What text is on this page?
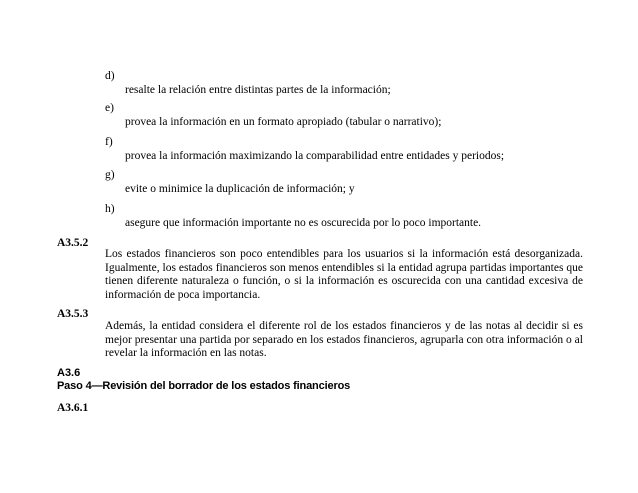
d)
resalte la relación entre distintas partes de la información;
e)
provea la información en un formato apropiado (tabular o narrativo);
f)
provea la información maximizando la comparabilidad entre entidades y periodos;
g)
evite o minimice la duplicación de información; y
h)
asegure que información importante no es oscurecida por lo poco importante.
A3.5.2
Los estados financieros son poco entendibles para los usuarios si la información está desorganizada. Igualmente, los estados financieros son menos entendibles si la entidad agrupa partidas importantes que tienen diferente naturaleza o función, o si la información es oscurecida con una cantidad excesiva de información de poca importancia.
A3.5.3
Además, la entidad considera el diferente rol de los estados financieros y de las notas al decidir si es mejor presentar una partida por separado en los estados financieros, agruparla con otra información o al revelar la información en las notas.
A3.6
Paso 4—Revisión del borrador de los estados financieros
A3.6.1
